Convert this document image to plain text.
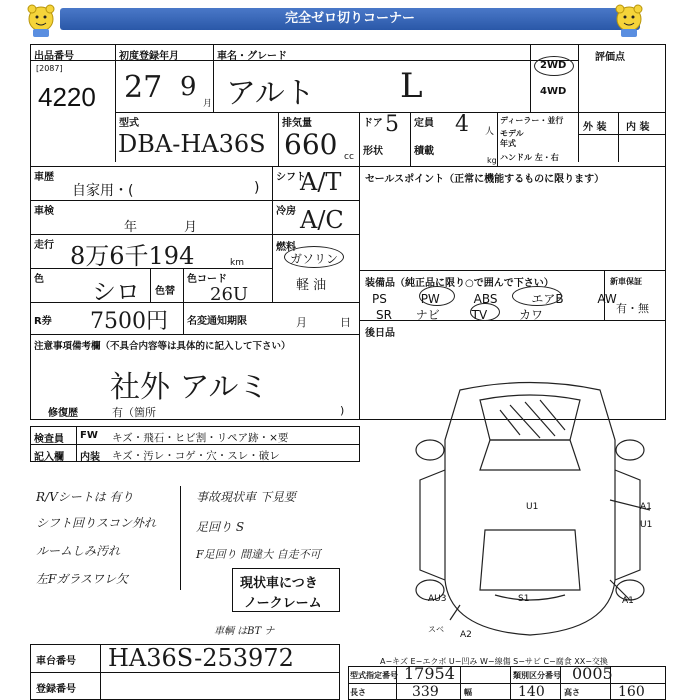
完全ゼロ切りコーナー
出品番号
[2087]
4220
初度登録年月
27 9
月
車名・グレード
アルト	L
2WD
4WD
評価点
外 装 内 装
型式
DBA-HA36S
排気量
660 cc
ドア 5
形状
定員 4 人
積載
kg
ディーラー・並行
モデル
年式
ハンドル 左・右
車歴
自家用・(	)
シフト
A/T セールスポイント（正常に機能するものに限ります）
車検
年	月
冷房 A/C
走行 8万6千194	km
燃料
ガソリン
軽 油
色 シロ 色替
色コード
26U
装備品（純正品に限り○で囲んで下さい）
PS	PW	ABS	エアB	AW
SR ナビ	TV	カワ
新車保証
有・無
R券 7500円 名変通知期限	月	日
後日品
注意事項備考欄（不具合内容等は具体的に記入して下さい）
社外 アルミ
修復歴	有（箇所	)
検査員
記入欄
FW キズ・飛石・ヒビ割・リペア跡・×要
内装 キズ・汚レ・コゲ・穴・スレ・破レ
R/Vシートは 有り
シフト回りスコン外れ
ルームしみ汚れ
左Fガラスワレ欠
事故現状車 下見要
足回り S
F足回り 間違大 自走不可
現状車につき
ノークレーム
車輌 はBT ナ
U1	A1
U1
AU3	S1	A1
A2
スベ
車台番号 HA36S-253972
登録番号
A−キズ E−エクボ U−凹み W−線傷 S−サビ C−腐食 XX−交換
型式指定番号 17954	類別区分番号 0005
長さ	339	幅	140 高さ	160
